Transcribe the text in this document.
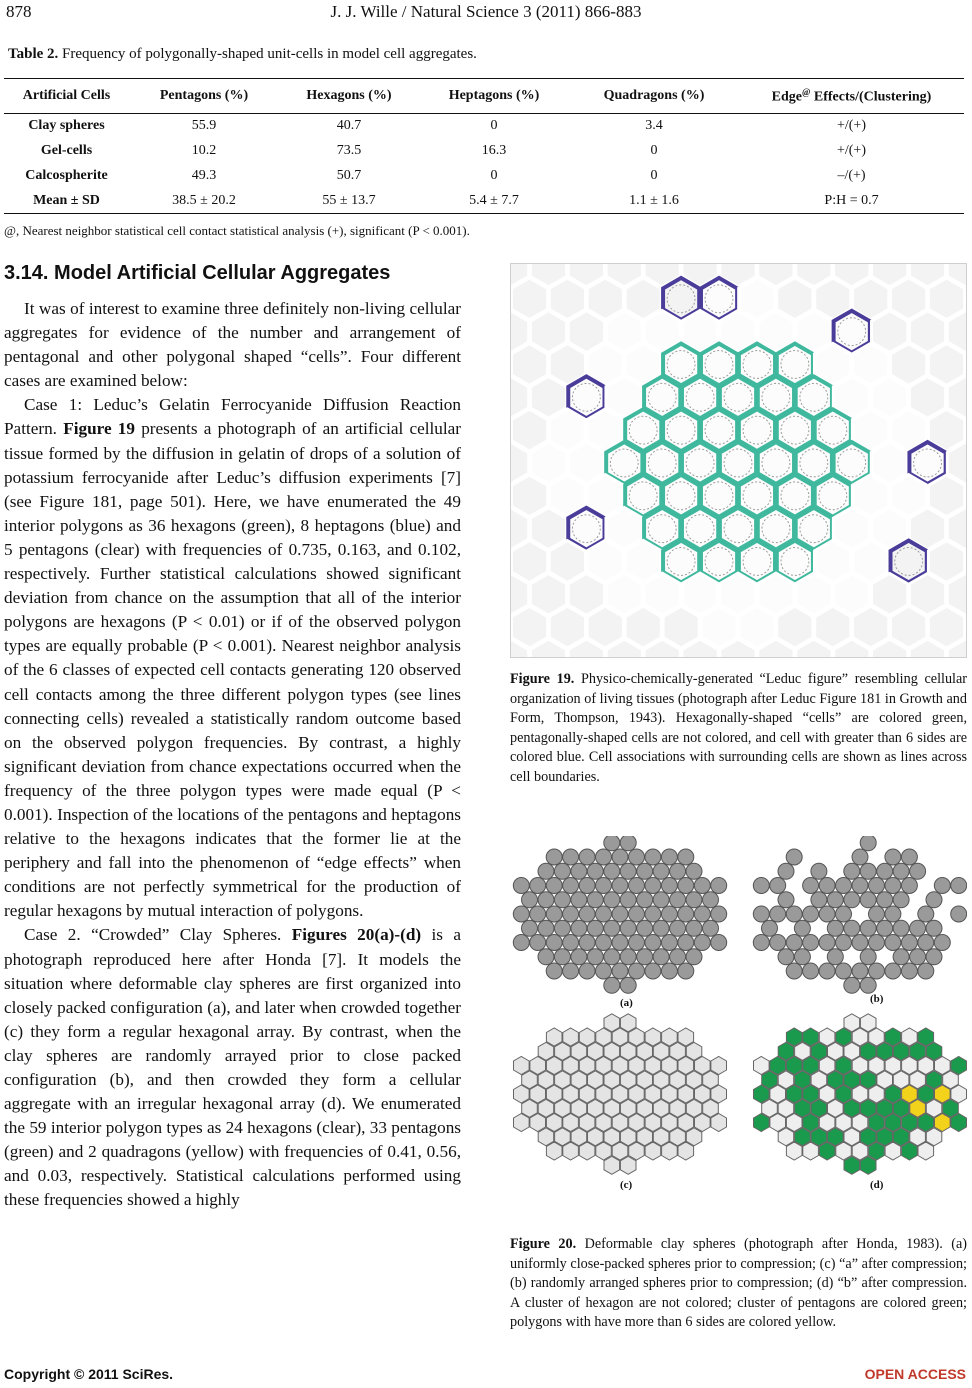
878	J. J. Wille / Natural Science 3 (2011) 866-883
Table 2. Frequency of polygonally-shaped unit-cells in model cell aggregates.
Artificial Cells	Pentagons (%)	Hexagons (%)	Heptagons (%)	Quadragons (%)	Edge@ Effects/(Clustering)
Clay spheres	55.9	40.7	0	3.4	+/(+)
Gel-cells	10.2	73.5	16.3	0	+/(+)
Calcospherite	49.3	50.7	0	0	–/(+)
Mean ± SD	38.5 ± 20.2	55 ± 13.7	5.4 ± 7.7	1.1 ± 1.6	P:H = 0.7
@, Nearest neighbor statistical cell contact statistical analysis (+), significant (P < 0.001).
3.14. Model Artificial Cellular Aggregates

It was of interest to examine three definitely non-living cellular aggregates for evidence of the number and arrangement of pentagonal and other polygonal shaped “cells”. Four different cases are examined below:

Case 1: Leduc’s Gelatin Ferrocyanide Diffusion Reaction Pattern. Figure 19 presents a photograph of an artificial cellular tissue formed by the diffusion in gelatin of drops of a solution of potassium ferrocyanide after Leduc’s diffusion experiments [7] (see Figure 181, page 501). Here, we have enumerated the 49 interior polygons as 36 hexagons (green), 8 heptagons (blue) and 5 pentagons (clear) with frequencies of 0.735, 0.163, and 0.102, respectively. Further statistical calculations showed significant deviation from chance on the assumption that all of the interior polygons are hexagons (P < 0.01) or if of the observed polygon types are equally probable (P < 0.001). Nearest neighbor analysis of the 6 classes of expected cell contacts generating 120 observed cell contacts among the three different polygon types (see lines connecting cells) revealed a statistically random outcome based on the observed polygon frequencies. By contrast, a highly significant deviation from chance expectations occurred when the frequency of the three polygon types were made equal (P < 0.001). Inspection of the locations of the pentagons and heptagons relative to the hexagons indicates that the former lie at the periphery and fall into the phenomenon of “edge effects” when conditions are not perfectly symmetrical for the production of regular hexagons by mutual interaction of polygons.

Case 2. “Crowded” Clay Spheres. Figures 20(a)-(d) is a photograph reproduced here after Honda [7]. It models the situation where deformable clay spheres are first organized into closely packed configuration (a), and later when crowded together (c) they form a regular hexagonal array. By contrast, when the clay spheres are randomly arrayed prior to close packed configuration (b), and then crowded they form a cellular aggregate with an irregular hexagonal array (d). We enumerated the 59 interior polygon types as 24 hexagons (clear), 33 pentagons (green) and 2 quadragons (yellow) with frequencies of 0.41, 0.56, and 0.03, respectively. Statistical calculations performed using these frequencies showed a highly

Figure 19. Physico-chemically-generated “Leduc figure” resembling cellular organization of living tissues (photograph after Leduc Figure 181 in Growth and Form, Thompson, 1943). Hexagonally-shaped “cells” are colored green, pentagonally-shaped cells are not colored, and cell with greater than 6 sides are colored blue. Cell associations with surrounding cells are shown as lines across cell boundaries.
(a)	(b)
(c)	(d)
Figure 20. Deformable clay spheres (photograph after Honda, 1983). (a) uniformly close-packed spheres prior to compression; (c) “a” after compression; (b) randomly arranged spheres prior to compression; (d) “b” after compression. A cluster of hexagon are not colored; cluster of pentagons are colored green; polygons with have more than 6 sides are colored yellow.
Copyright © 2011 SciRes.	OPEN ACCESS
